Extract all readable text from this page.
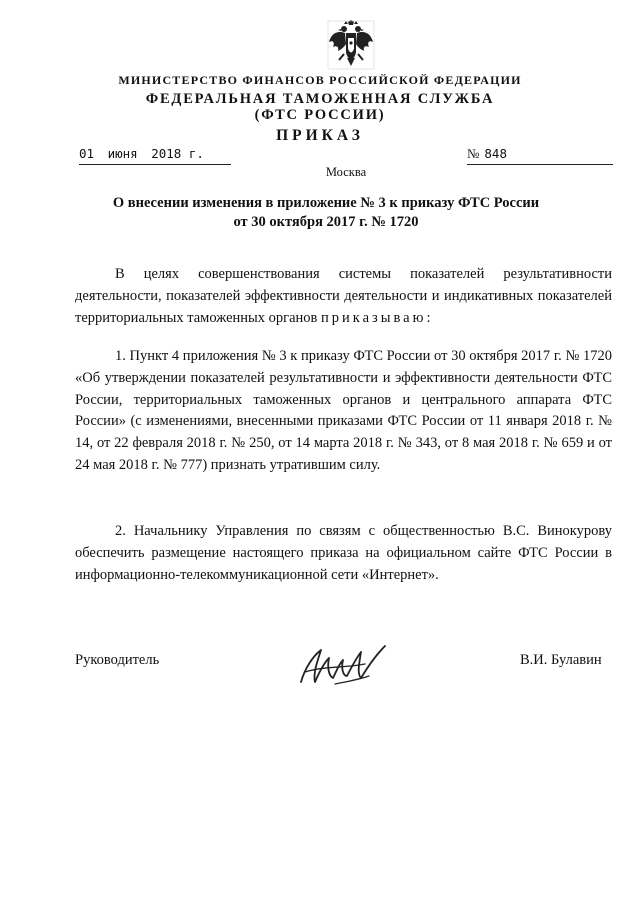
МИНИСТЕРСТВО ФИНАНСОВ РОССИЙСКОЙ ФЕДЕРАЦИИ
ФЕДЕРАЛЬНАЯ ТАМОЖЕННАЯ СЛУЖБА
(ФТС РОССИИ)
ПРИКАЗ
01 июня 2018 г.	№ 848
Москва
О внесении изменения в приложение № 3 к приказу ФТС России
от 30 октября 2017 г. № 1720
В целях совершенствования системы показателей результативности деятельности, показателей эффективности деятельности и индикативных показателей территориальных таможенных органов приказываю:
1. Пункт 4 приложения № 3 к приказу ФТС России от 30 октября 2017 г. № 1720 «Об утверждении показателей результативности и эффективности деятельности ФТС России, территориальных таможенных органов и центрального аппарата ФТС России» (с изменениями, внесенными приказами ФТС России от 11 января 2018 г. № 14, от 22 февраля 2018 г. № 250, от 14 марта 2018 г. № 343, от 8 мая 2018 г. № 659 и от 24 мая 2018 г. № 777) признать утратившим силу.
2. Начальнику Управления по связям с общественностью В.С. Винокурову обеспечить размещение настоящего приказа на официальном сайте ФТС России в информационно-телекоммуникационной сети «Интернет».
Руководитель	В.И. Булавин
